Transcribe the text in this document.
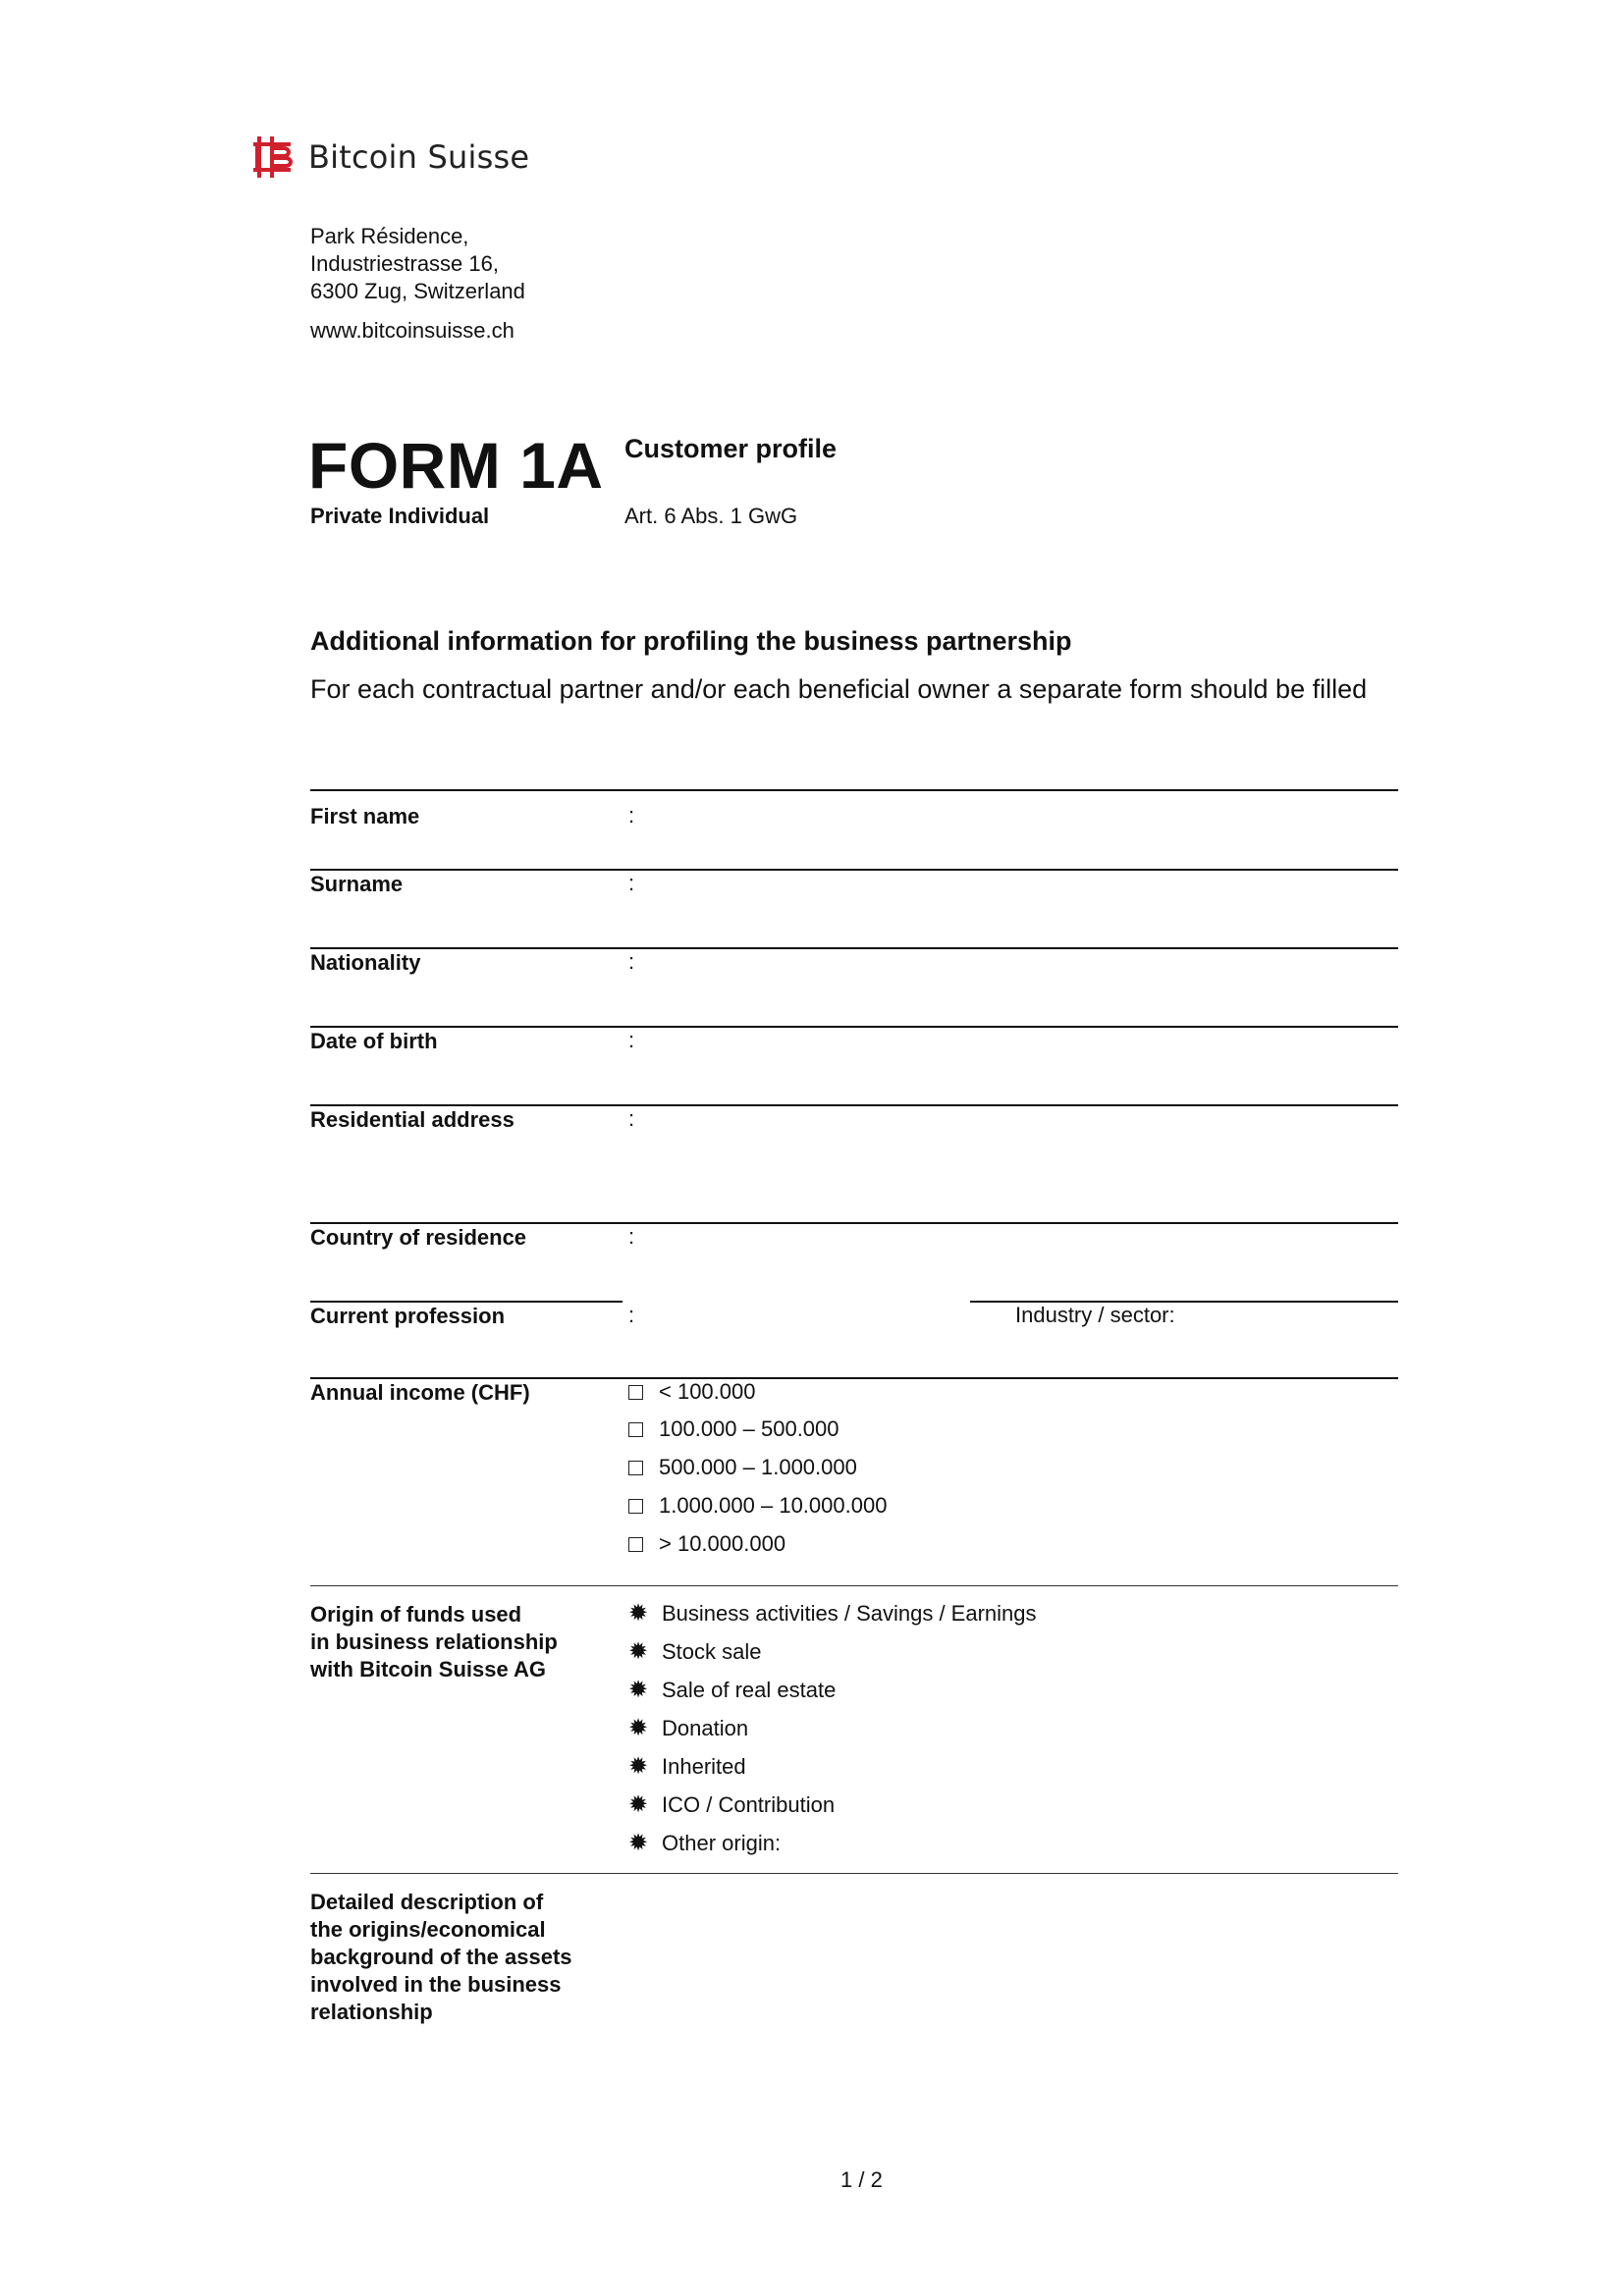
Bitcoin Suisse
Park Résidence,
Industriestrasse 16,
6300 Zug, Switzerland
www.bitcoinsuisse.ch
FORM 1A
Private Individual
Customer profile
Art. 6 Abs. 1 GwG
Additional information for profiling the business partnership
For each contractual partner and/or each beneficial owner a separate form should be filled
First name	:
Surname	:
Nationality	:
Date of birth	:
Residential address	:
Country of residence	:
Current profession	:	Industry / sector:
Annual income (CHF)	< 100.000
100.000 – 500.000
500.000 – 1.000.000
1.000.000 – 10.000.000
> 10.000.000
Origin of funds used
in business relationship
with Bitcoin Suisse AG
✹ Business activities / Savings / Earnings
✹ Stock sale
✹ Sale of real estate
✹ Donation
✹ Inherited
✹ ICO / Contribution
✹ Other origin:
Detailed description of
the origins/economical
background of the assets
involved in the business
relationship
1 / 2
